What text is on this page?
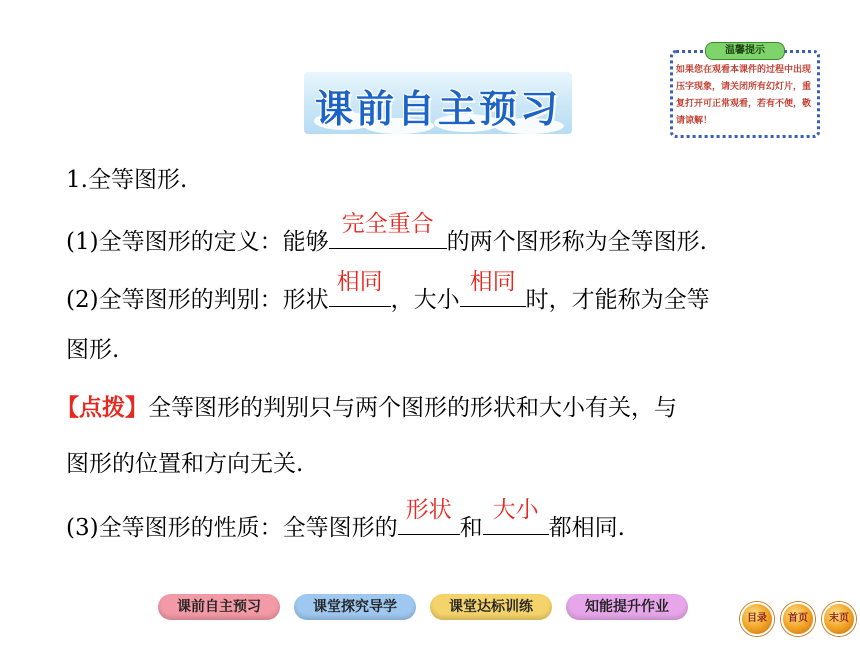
课前自主预习
温馨提示
如果您在观看本课件的过程中出现压字现象，请关闭所有幻灯片，重复打开可正常观看，若有不便，敬请谅解！
1.全等图形.
(1)全等图形的定义：能够
完全重合
的两个图形称为全等图形.
(2)全等图形的判别：形状
相同
，大小
相同
时，才能称为全等
图形.
【点拨】全等图形的判别只与两个图形的形状和大小有关，与
图形的位置和方向无关.
(3)全等图形的性质：全等图形的
形状
和
大小
都相同.
课前自主预习	课堂探究导学	课堂达标训练	知能提升作业
目录	首页	末页
